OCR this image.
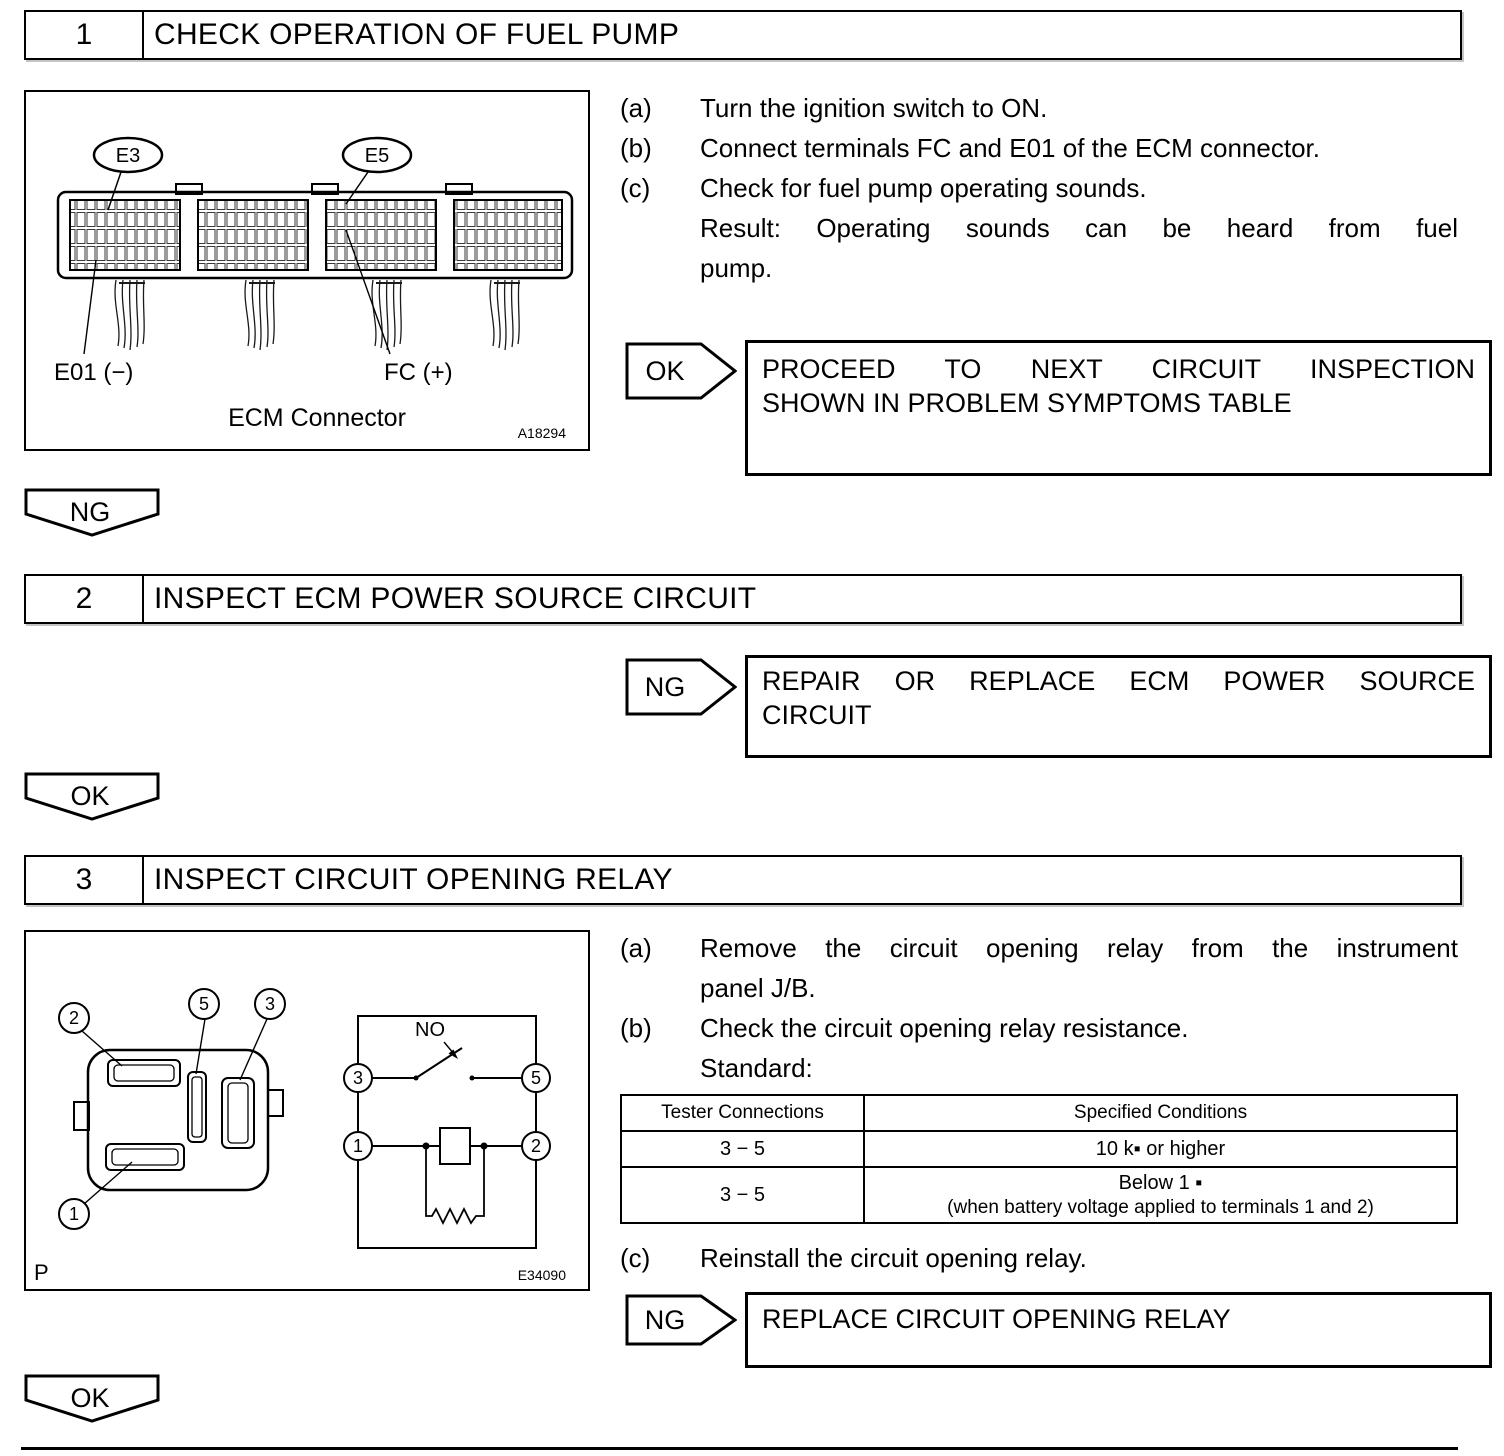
1	CHECK OPERATION OF FUEL PUMP
E3	E5
E01 (−)	FC (+)
ECM Connector
A18294
(a)	Turn the ignition switch to ON.
(b)	Connect terminals FC and E01 of the ECM connector.
(c)	Check for fuel pump operating sounds.
Result: Operating sounds can be heard from fuel
pump.
OK	PROCEED TO NEXT CIRCUIT INSPECTION
SHOWN IN PROBLEM SYMPTOMS TABLE
NG
2	INSPECT ECM POWER SOURCE CIRCUIT
NG	REPAIR OR REPLACE ECM POWER SOURCE
CIRCUIT
OK
3	INSPECT CIRCUIT OPENING RELAY
2
5	3
1
3	5
1	2
NO
P	E34090
(a)	Remove the circuit opening relay from the instrument
panel J/B.
(b)	Check the circuit opening relay resistance.
Standard:
Tester Connections	Specified Conditions
3 − 5	10 k▪ or higher
3 − 5	Below 1 ▪
(when battery voltage applied to terminals 1 and 2)
(c)	Reinstall the circuit opening relay.
NG	REPLACE CIRCUIT OPENING RELAY
OK
